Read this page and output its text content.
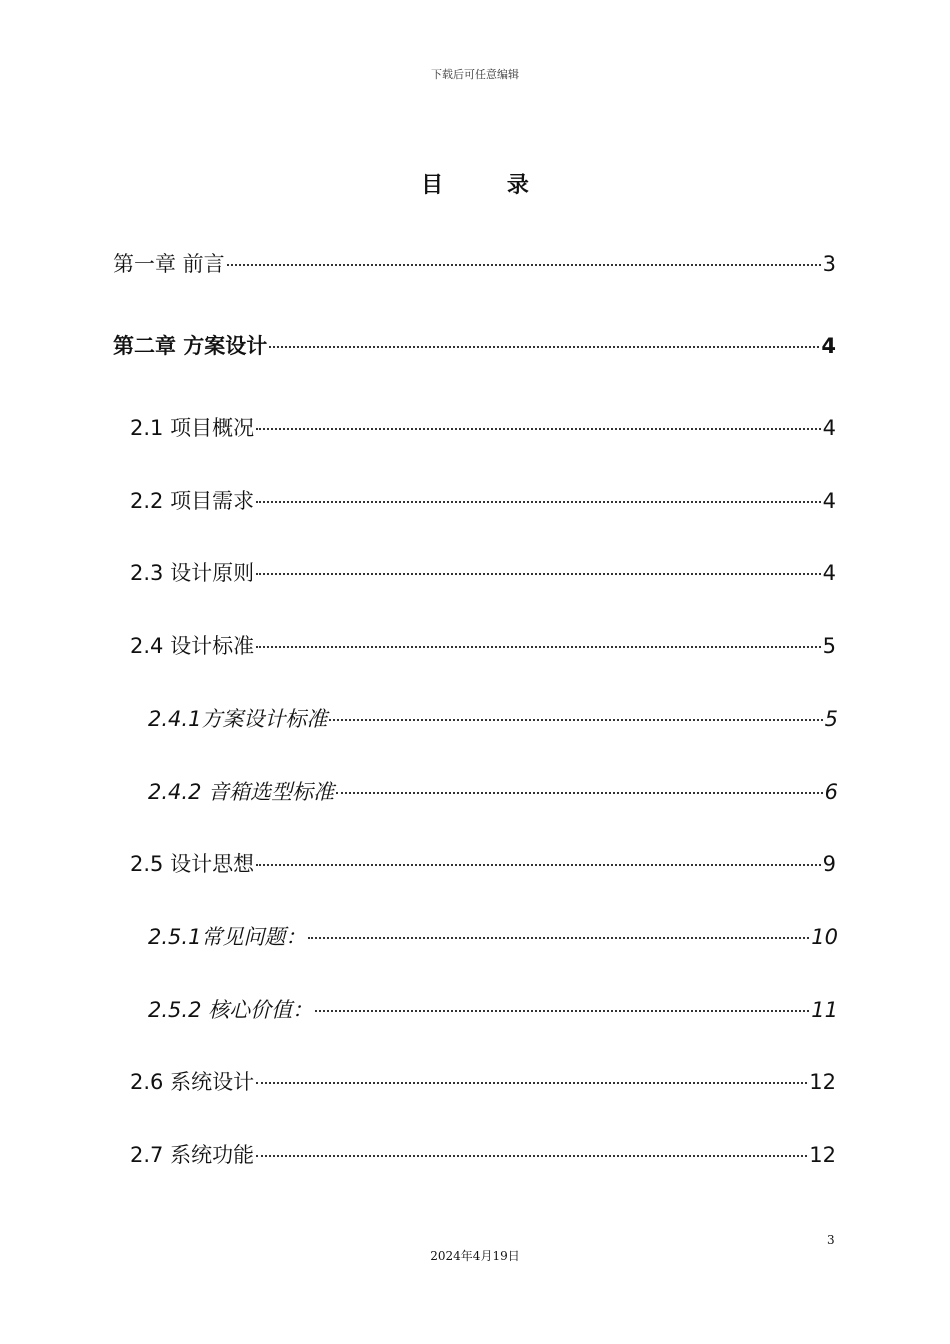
下载后可任意编辑
目 录
第一章 前言	3
第二章 方案设计	4
2.1 项目概况	4
2.2 项目需求	4
2.3 设计原则	4
2.4 设计标准	5
2.4.1方案设计标准	5
2.4.2 音箱选型标准	6
2.5 设计思想	9
2.5.1常见问题：	10
2.5.2 核心价值：	11
2.6 系统设计	12
2.7 系统功能	12
3
2024年4月19日
